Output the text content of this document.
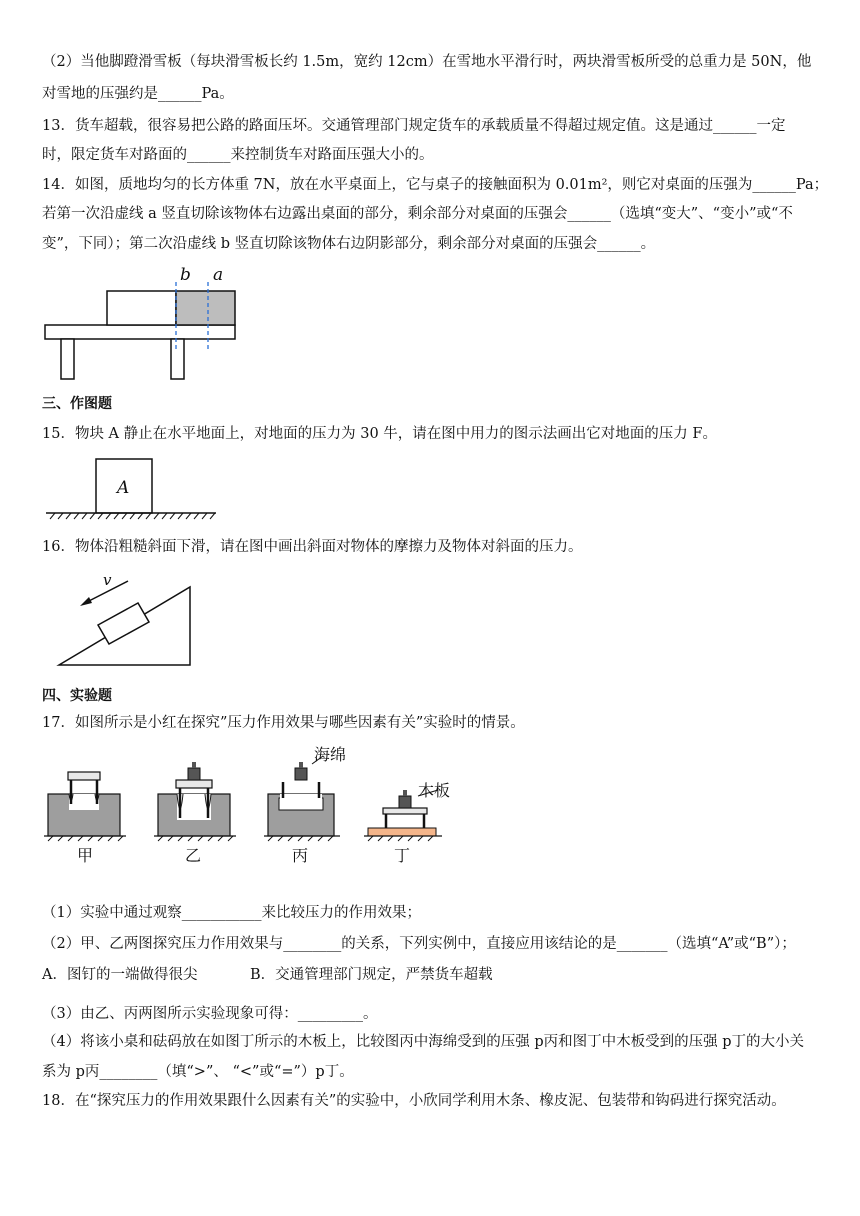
（2）当他脚蹬滑雪板（每块滑雪板长约 1.5m，宽约 12cm）在雪地水平滑行时，两块滑雪板所受的总重力是 50N，他
对雪地的压强约是______Pa。
13．货车超载，很容易把公路的路面压坏。交通管理部门规定货车的承载质量不得超过规定值。这是通过______一定
时，限定货车对路面的______来控制货车对路面压强大小的。
14．如图，质地均匀的长方体重 7N，放在水平桌面上，它与桌子的接触面积为 0.01m²，则它对桌面的压强为______Pa；
若第一次沿虚线 a 竖直切除该物体右边露出桌面的部分，剩余部分对桌面的压强会______（选填“变大”、“变小”或“不
变”，下同）；第二次沿虚线 b 竖直切除该物体右边阴影部分，剩余部分对桌面的压强会______。
b a
三、作图题
15．物块 A 静止在水平地面上，对地面的压力为 30 牛，请在图中用力的图示法画出它对地面的压力 F。
A
16．物体沿粗糙斜面下滑，请在图中画出斜面对物体的摩擦力及物体对斜面的压力。
v
四、实验题
17．如图所示是小红在探究”压力作用效果与哪些因素有关”实验时的情景。
海绵
木板
甲	乙	丙	丁
（1）实验中通过观察___________来比较压力的作用效果；
（2）甲、乙两图探究压力作用效果与________的关系，下列实例中，直接应用该结论的是_______（选填“A”或“B”）；
A．图钉的一端做得很尖	B．交通管理部门规定，严禁货车超载
（3）由乙、丙两图所示实验现象可得：_________。
（4）将该小桌和砝码放在如图丁所示的木板上，比较图丙中海绵受到的压强 p丙和图丁中木板受到的压强 p丁的大小关
系为 p丙________（填“>”、 “<”或“=”）p丁。
18．在“探究压力的作用效果跟什么因素有关”的实验中，小欣同学利用木条、橡皮泥、包装带和钩码进行探究活动。
